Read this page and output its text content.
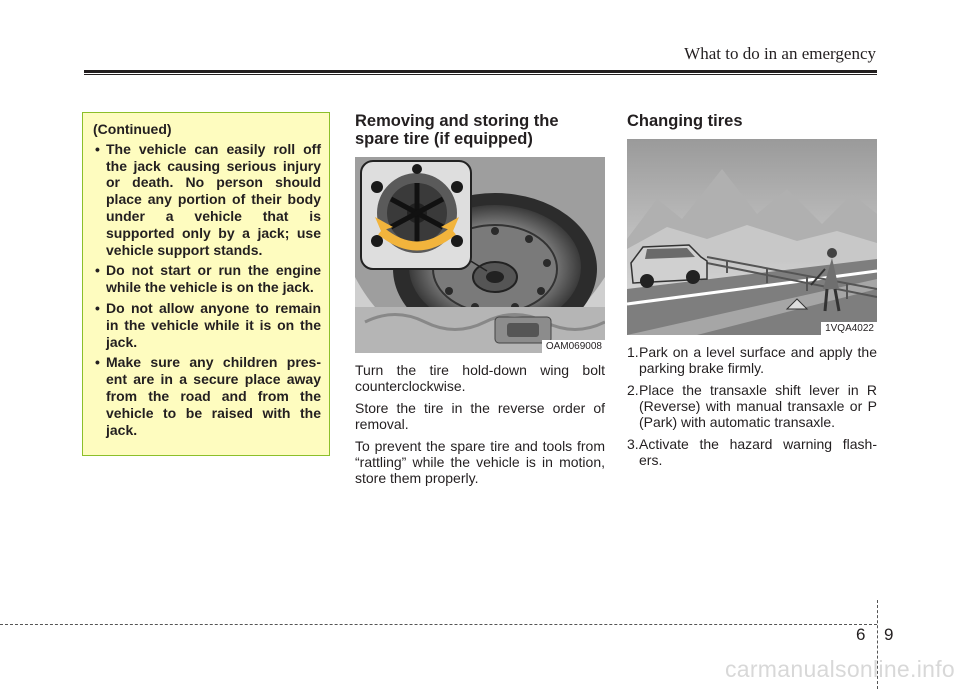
What to do in an emergency
(Continued)
• The vehicle can easily roll off the jack causing serious injury or death. No person should place any portion of their body under a vehicle that is supported only by a jack; use vehicle support stands.
• Do not start or run the engine while the vehicle is on the jack.
• Do not allow anyone to remain in the vehicle while it is on the jack.
• Make sure any children pres- ent are in a secure place away from the road and from the vehicle to be raised with the jack.
Removing and storing the spare tire (if equipped)
OAM069008

Turn the tire hold-down wing bolt counterclockwise.

Store the tire in the reverse order of removal.

To prevent the spare tire and tools from “rattling” while the vehicle is in motion, store them properly.

Changing tires
1VQA4022
1. Park on a level surface and apply the parking brake firmly.
2. Place the transaxle shift lever in R (Reverse) with manual transaxle or P (Park) with automatic transaxle.
3. Activate the hazard warning flash- ers.
6 9
carmanualsonline.info
